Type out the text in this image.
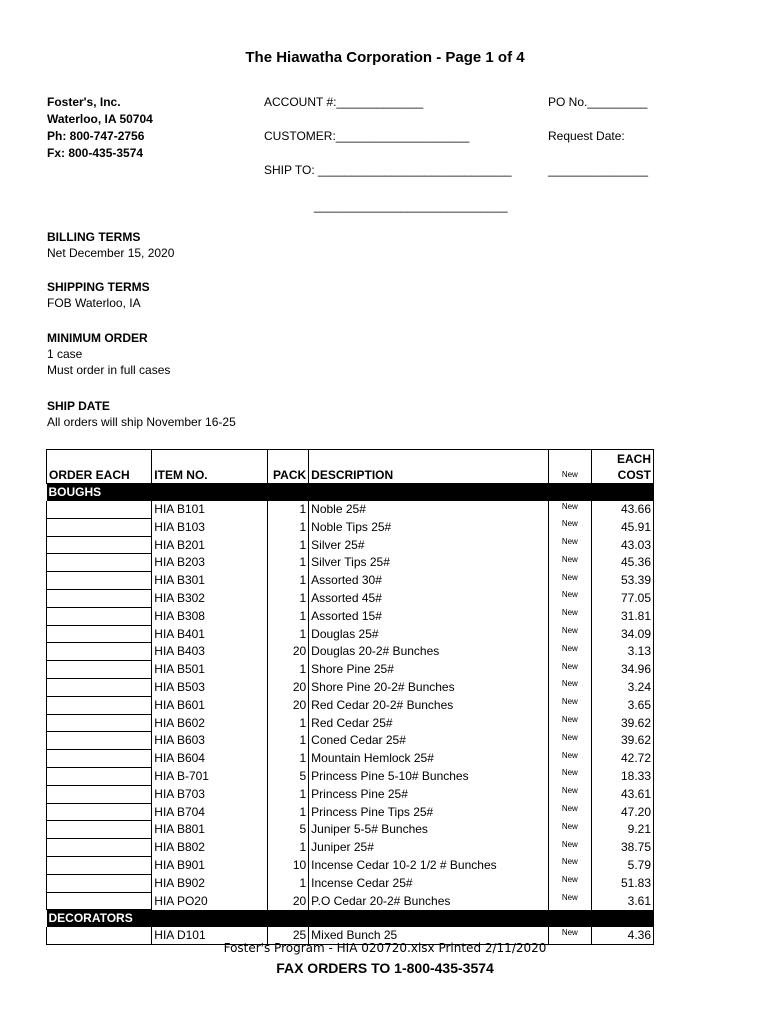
The Hiawatha Corporation - Page 1 of 4
Foster's, Inc.
Waterloo, IA 50704
Ph: 800-747-2756
Fx: 800-435-3574
ACCOUNT #:_____________	PO No._________
CUSTOMER:____________________	Request Date:
SHIP TO: _____________________________	_______________
_____________________________
BILLING TERMS
Net December 15, 2020
SHIPPING TERMS
FOB Waterloo, IA
MINIMUM ORDER
1 case
Must order in full cases
SHIP DATE
All orders will ship November 16-25
ORDER EACH	ITEM NO.	PACK	DESCRIPTION	New	EACH
COST

BOUGHS					
	HIA B101	1	Noble 25#	New	43.66
	HIA B103	1	Noble Tips 25#	New	45.91
	HIA B201	1	Silver 25#	New	43.03
	HIA B203	1	Silver Tips 25#	New	45.36
	HIA B301	1	Assorted 30#	New	53.39
	HIA B302	1	Assorted 45#	New	77.05
	HIA B308	1	Assorted 15#	New	31.81
	HIA B401	1	Douglas 25#	New	34.09
	HIA B403	20	Douglas 20-2# Bunches	New	3.13
	HIA B501	1	Shore Pine 25#	New	34.96
	HIA B503	20	Shore Pine 20-2# Bunches	New	3.24
	HIA B601	20	Red Cedar 20-2# Bunches	New	3.65
	HIA B602	1	Red Cedar 25#	New	39.62
	HIA B603	1	Coned Cedar 25#	New	39.62
	HIA B604	1	Mountain Hemlock 25#	New	42.72
	HIA B-701	5	Princess Pine 5-10# Bunches	New	18.33
	HIA B703	1	Princess Pine 25#	New	43.61
	HIA B704	1	Princess Pine Tips 25#	New	47.20
	HIA B801	5	Juniper 5-5# Bunches	New	9.21
	HIA B802	1	Juniper 25#	New	38.75
	HIA B901	10	Incense Cedar 10-2 1/2 # Bunches	New	5.79
	HIA B902	1	Incense Cedar 25#	New	51.83
	HIA PO20	20	P.O Cedar 20-2# Bunches	New	3.61
DECORATORS					
	HIA D101	25	Mixed Bunch 25	New	4.36
Foster's Program - HIA 020720.xlsx Printed 2/11/2020
FAX ORDERS TO 1-800-435-3574
